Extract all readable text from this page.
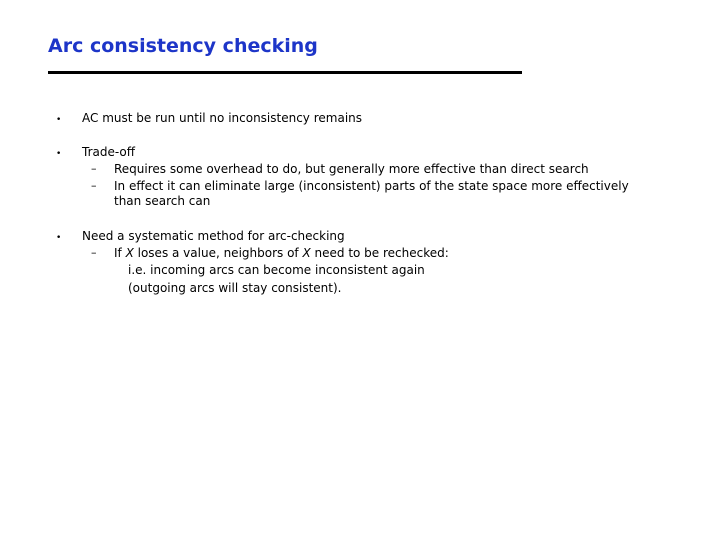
Arc consistency checking
• AC must be run until no inconsistency remains
• Trade-off
– Requires some overhead to do, but generally more effective than direct search
– In effect it can eliminate large (inconsistent) parts of the state space more effectively
than search can
• Need a systematic method for arc-checking
– If X loses a value, neighbors of X need to be rechecked:
i.e. incoming arcs can become inconsistent again
(outgoing arcs will stay consistent).
